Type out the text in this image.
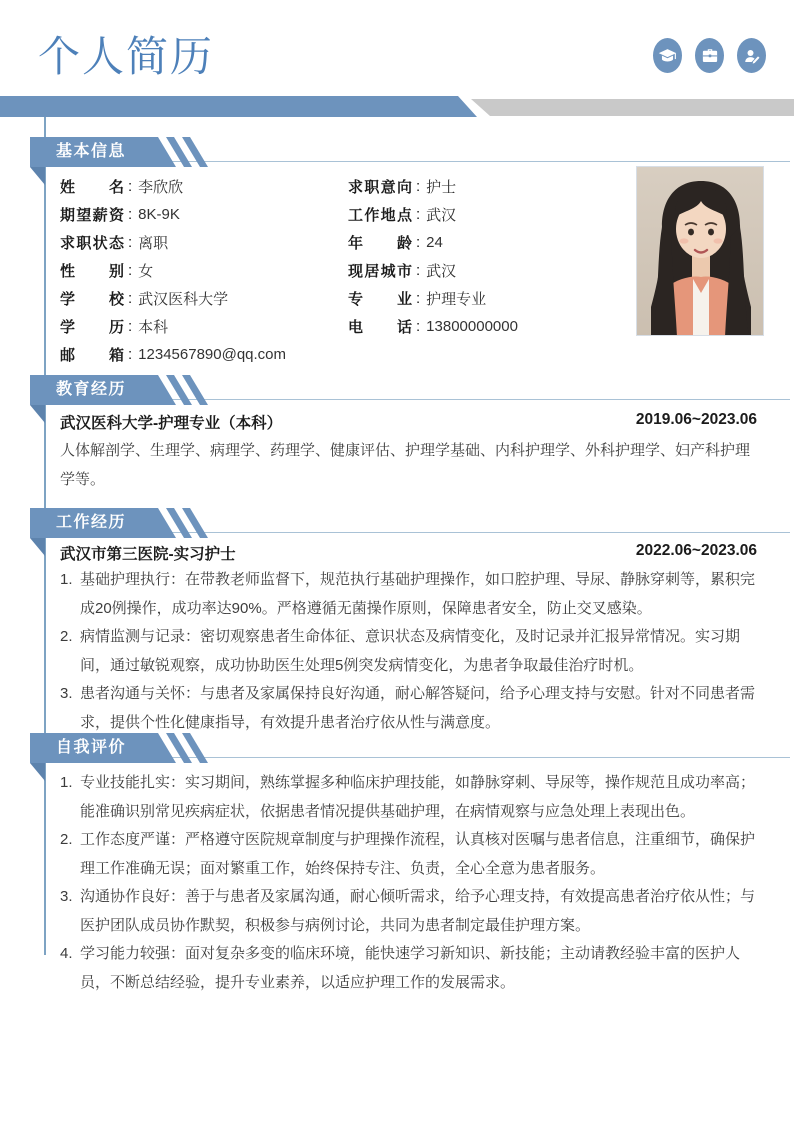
个人简历
基本信息
姓名 : 李欣欣
期望薪资 : 8K-9K
求职状态 : 离职
性别 : 女
学校 : 武汉医科大学
学历 : 本科
邮箱 : 1234567890@qq.com
求职意向 : 护士
工作地点 : 武汉
年龄 : 24
现居城市 : 武汉
专业 : 护理专业
电话 : 13800000000
教育经历
武汉医科大学-护理专业（本科）	2019.06~2023.06
人体解剖学、生理学、病理学、药理学、健康评估、护理学基础、内科护理学、外科护理学、妇产科护理学等。
工作经历
武汉市第三医院-实习护士	2022.06~2023.06
1. 基础护理执行：在带教老师监督下，规范执行基础护理操作，如口腔护理、导尿、静脉穿刺等，累积完成20例操作，成功率达90%。严格遵循无菌操作原则，保障患者安全，防止交叉感染。
2. 病情监测与记录：密切观察患者生命体征、意识状态及病情变化，及时记录并汇报异常情况。实习期间，通过敏锐观察，成功协助医生处理5例突发病情变化，为患者争取最佳治疗时机。
3. 患者沟通与关怀：与患者及家属保持良好沟通，耐心解答疑问，给予心理支持与安慰。针对不同患者需求，提供个性化健康指导，有效提升患者治疗依从性与满意度。
自我评价
1. 专业技能扎实：实习期间，熟练掌握多种临床护理技能，如静脉穿刺、导尿等，操作规范且成功率高；能准确识别常见疾病症状，依据患者情况提供基础护理，在病情观察与应急处理上表现出色。
2. 工作态度严谨：严格遵守医院规章制度与护理操作流程，认真核对医嘱与患者信息，注重细节，确保护理工作准确无误；面对繁重工作，始终保持专注、负责，全心全意为患者服务。
3. 沟通协作良好：善于与患者及家属沟通，耐心倾听需求，给予心理支持，有效提高患者治疗依从性；与医护团队成员协作默契，积极参与病例讨论，共同为患者制定最佳护理方案。
4. 学习能力较强：面对复杂多变的临床环境，能快速学习新知识、新技能；主动请教经验丰富的医护人员，不断总结经验，提升专业素养，以适应护理工作的发展需求。
